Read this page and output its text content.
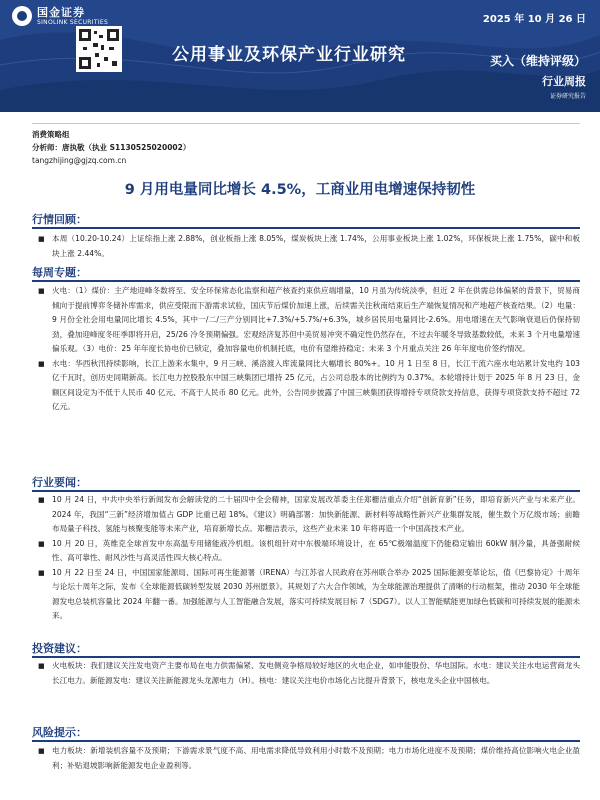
国金证券
SINOLINK SECURITIES	2025 年 10 月 26 日
公用事业及环保产业行业研究	买入（维持评级）
行业周报
证券研究报告
消费策略组
分析师：唐执敬（执业 S1130525020002）
tangzhijing@gjzq.com.cn
9 月用电量同比增长 4.5%，工商业用电增速保持韧性
行情回顾：
■ 本周（10.20-10.24）上证综指上涨 2.88%，创业板指上涨 8.05%，煤炭板块上涨 1.74%，公用事业板块上涨 1.02%，环保板块上涨 1.75%，碳中和板块上涨 2.44%。
每周专题：
■ 火电：（1）煤价：主产地迎峰冬数将至、安全环保常态化监察和超产核查约束供应端增量，10 月虽为传统淡季，但近 2 年在供需总体偏紧的背景下，贸易商倾向于提前博弈冬储补库需求，供应受限而下游需求试验，国庆节后煤价加速上涨，后续需关注秋南结束后生产端恢复情况和产地超产核查结果。（2）电量：9 月份全社会用电量同比增长 4.5%，其中一/二/三产分别同比+7.3%/+5.7%/+6.3%，城乡居民用电量同比-2.6%。用电增速在天气影响衰退后仍保持韧劲，叠加迎峰度冬旺季即将开启，25/26 冷冬预期偏强。宏观经济复苏但中美贸易冲突不确定性仍然存在，不过去年暖冬导致基数较低，未来 3 个月电量增速偏乐观。（3）电价：25 年年度长协电价已锁定，叠加容量电价机制托底，电价有望维持稳定；未来 3 个月重点关注 26 年年度电价签约情况。
■ 水电：华西秋汛持续影响，长江上游来水集中，9 月三峡、溪洛渡入库流量同比大幅增长 80%+。10 月 1 日至 8 日，长江干流六座水电站累计发电约 103 亿千瓦时，创历史同期新高。长江电力控股股东中国三峡集团已增持 25 亿元，占公司总股本的比例约为 0.37%。本轮增持计划于 2025 年 8 月 23 日，金额区间设定为不低于人民币 40 亿元、不高于人民币 80 亿元。此外，公告同步披露了中国三峡集团获得增持专项贷款支持信息，获得专项贷款支持不超过 72 亿元。
行业要闻：
■ 10 月 24 日，中共中央举行新闻发布会解读党的二十届四中全会精神，国家发展改革委主任郑栅洁重点介绍“创新育新”任务，即培育新兴产业与未来产业。2024 年，我国“三新”经济增加值占 GDP 比重已超 18%。《建议》明确部署：加快新能源、新材料等战略性新兴产业集群发展，催生数个万亿级市场；前瞻布局量子科技、氢能与核聚变能等未来产业，培育新增长点。郑栅洁表示，这些产业未来 10 年将再造一个中国高技术产业。
■ 10 月 20 日，英维克全球首发中东高温专用储能液冷机组。该机组针对中东极端环境设计，在 65℃极端温度下仍能稳定输出 60kW 制冷量，具备强耐候性、高可靠性、耐风沙性与高灵活性四大核心特点。
■ 10 月 22 日至 24 日，中国国家能源局、国际可再生能源署（IRENA）与江苏省人民政府在苏州联合举办 2025 国际能源变革论坛，值《巴黎协定》十周年与论坛十周年之际，发布《全球能源低碳转型发展 2030 苏州愿景》。其规划了六大合作领域，为全球能源治理提供了清晰的行动框架，推动 2030 年全球能源发电总装机容量比 2024 年翻一番。加强能源与人工智能融合发展，落实可持续发展目标 7（SDG7）。以人工智能赋能更加绿色低碳和可持续发展的能源未来。
投资建议：
■ 火电板块：我们建议关注发电资产主要布局在电力供需偏紧、发电侧竞争格局较好地区的火电企业，如申能股份、华电国际。水电：建议关注水电运营商龙头长江电力。新能源发电：建议关注新能源龙头龙源电力（H）。核电：建议关注电价市场化占比提升背景下，核电龙头企业中国核电。
风险提示：
■ 电力板块：新增装机容量不及预期；下游需求景气度不高、用电需求降低导致利用小时数不及预期；电力市场化进度不及预期；煤价维持高位影响火电企业盈利；补贴退坡影响新能源发电企业盈利等。
